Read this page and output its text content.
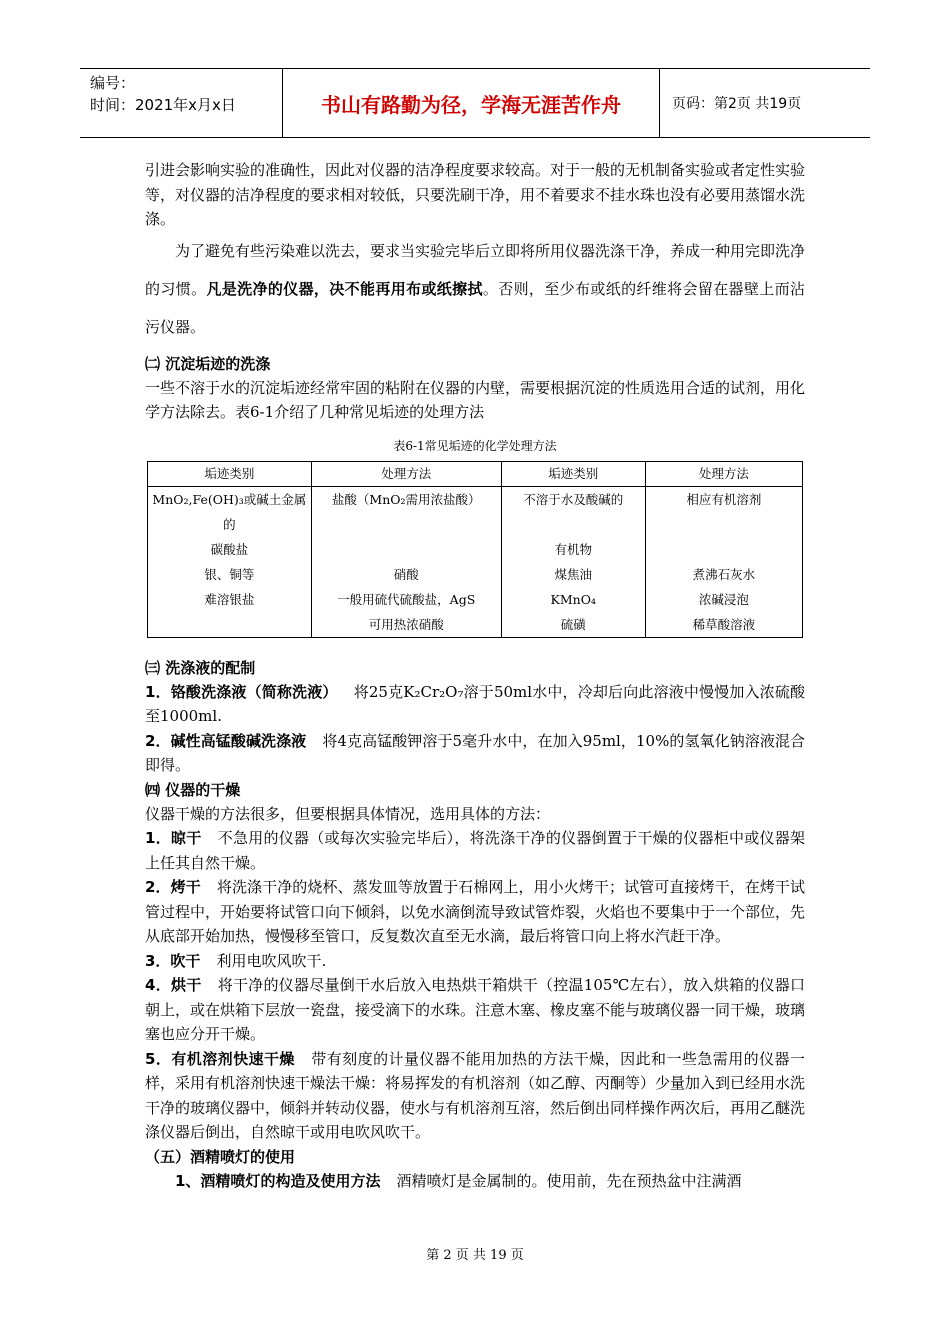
编号：
时间：2021年x月x日	书山有路勤为径，学海无涯苦作舟	页码：第2页 共19页

引进会影响实验的准确性，因此对仪器的洁净程度要求较高。对于一般的无机制备实验或者定性实验等，对仪器的洁净程度的要求相对较低，只要洗刷干净，用不着要求不挂水珠也没有必要用蒸馏水洗涤。

为了避免有些污染难以洗去，要求当实验完毕后立即将所用仪器洗涤干净，养成一种用完即洗净的习惯。凡是洗净的仪器，决不能再用布或纸擦拭。否则，至少布或纸的纤维将会留在器壁上而沾污仪器。

㈡ 沉淀垢迹的洗涤

一些不溶于水的沉淀垢迹经常牢固的粘附在仪器的内壁，需要根据沉淀的性质选用合适的试剂，用化学方法除去。表6-1介绍了几种常见垢迹的处理方法

表6-1常见垢迹的化学处理方法
垢迹类别	处理方法	垢迹类别	处理方法
MnO₂,Fe(OH)₃或碱土金属的	盐酸（MnO₂需用浓盐酸）	不溶于水及酸碱的	相应有机溶剂
碳酸盐		有机物	
银、铜等	硝酸	煤焦油	煮沸石灰水
难溶银盐	一般用硫代硫酸盐，AgS	KMnO₄	浓碱浸泡
	可用热浓硝酸	硫磺	稀草酸溶液

㈢ 洗涤液的配制

1．铬酸洗涤液（简称洗液） 将25克K₂Cr₂O₇溶于50ml水中，冷却后向此溶液中慢慢加入浓硫酸至1000ml.

2．碱性高锰酸碱洗涤液 将4克高锰酸钾溶于5毫升水中，在加入95ml，10%的氢氧化钠溶液混合即得。

㈣ 仪器的干燥

仪器干燥的方法很多，但要根据具体情况，选用具体的方法：

1．晾干 不急用的仪器（或每次实验完毕后），将洗涤干净的仪器倒置于干燥的仪器柜中或仪器架上任其自然干燥。

2．烤干 将洗涤干净的烧杯、蒸发皿等放置于石棉网上，用小火烤干；试管可直接烤干，在烤干试管过程中，开始要将试管口向下倾斜，以免水滴倒流导致试管炸裂，火焰也不要集中于一个部位，先从底部开始加热，慢慢移至管口，反复数次直至无水滴，最后将管口向上将水汽赶干净。

3．吹干 利用电吹风吹干.

4．烘干 将干净的仪器尽量倒干水后放入电热烘干箱烘干（控温105℃左右），放入烘箱的仪器口朝上，或在烘箱下层放一瓷盘，接受滴下的水珠。注意木塞、橡皮塞不能与玻璃仪器一同干燥，玻璃塞也应分开干燥。

5．有机溶剂快速干燥 带有刻度的计量仪器不能用加热的方法干燥，因此和一些急需用的仪器一样，采用有机溶剂快速干燥法干燥：将易挥发的有机溶剂（如乙醇、丙酮等）少量加入到已经用水洗干净的玻璃仪器中，倾斜并转动仪器，使水与有机溶剂互溶，然后倒出同样操作两次后，再用乙醚洗涤仪器后倒出，自然晾干或用电吹风吹干。

（五）酒精喷灯的使用

1、酒精喷灯的构造及使用方法 酒精喷灯是金属制的。使用前，先在预热盆中注满酒

第 2 页 共 19 页
